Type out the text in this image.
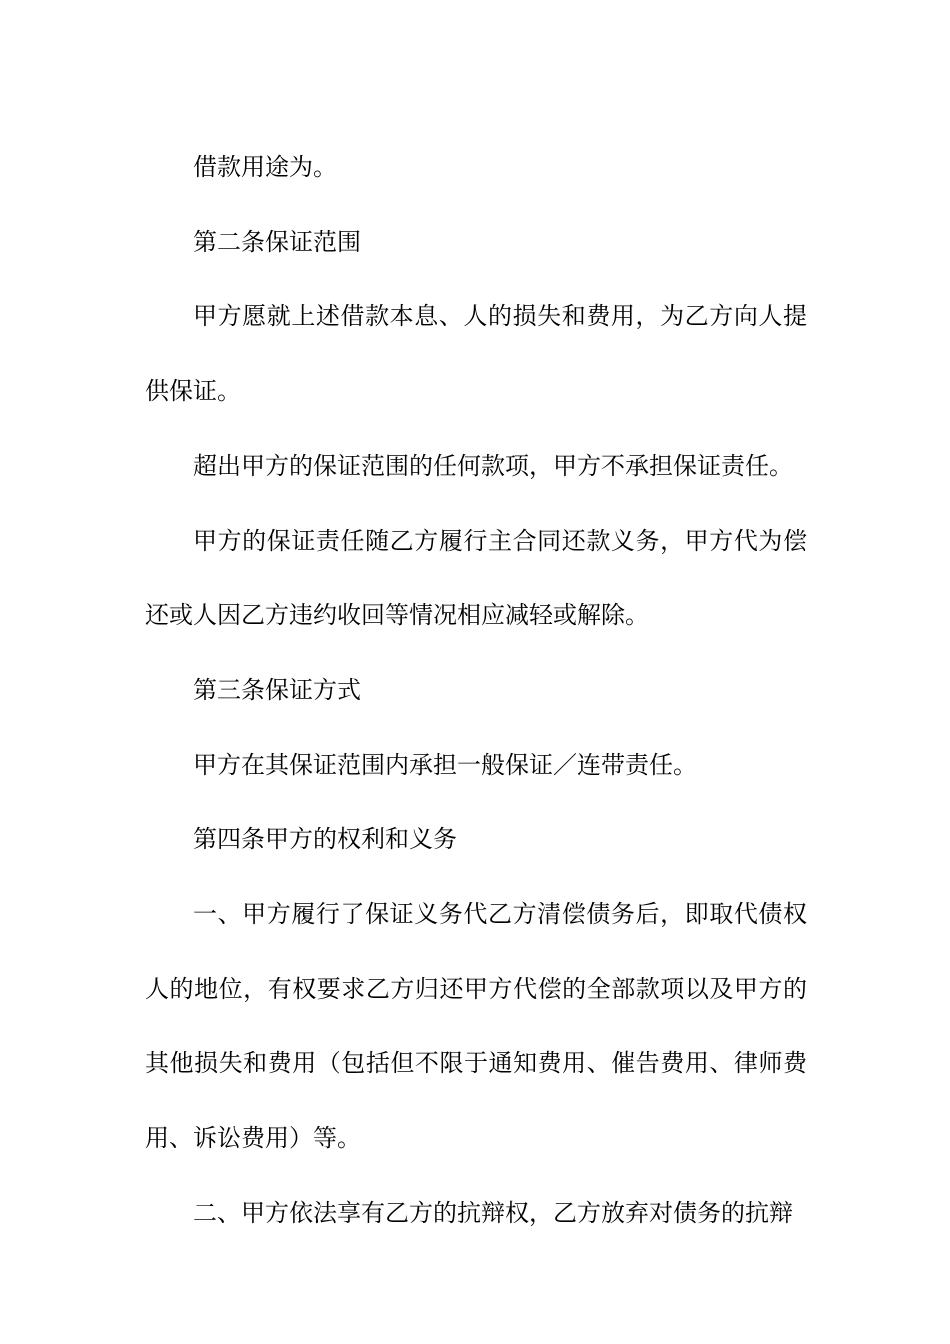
借款用途为。

第二条保证范围

甲方愿就上述借款本息、人的损失和费用，为乙方向人提供保证。

超出甲方的保证范围的任何款项，甲方不承担保证责任。

甲方的保证责任随乙方履行主合同还款义务，甲方代为偿还或人因乙方违约收回等情况相应减轻或解除。

第三条保证方式

甲方在其保证范围内承担一般保证／连带责任。

第四条甲方的权利和义务

一、甲方履行了保证义务代乙方清偿债务后，即取代债权人的地位，有权要求乙方归还甲方代偿的全部款项以及甲方的其他损失和费用（包括但不限于通知费用、催告费用、律师费用、诉讼费用）等。

二、甲方依法享有乙方的抗辩权，乙方放弃对债务的抗辩
